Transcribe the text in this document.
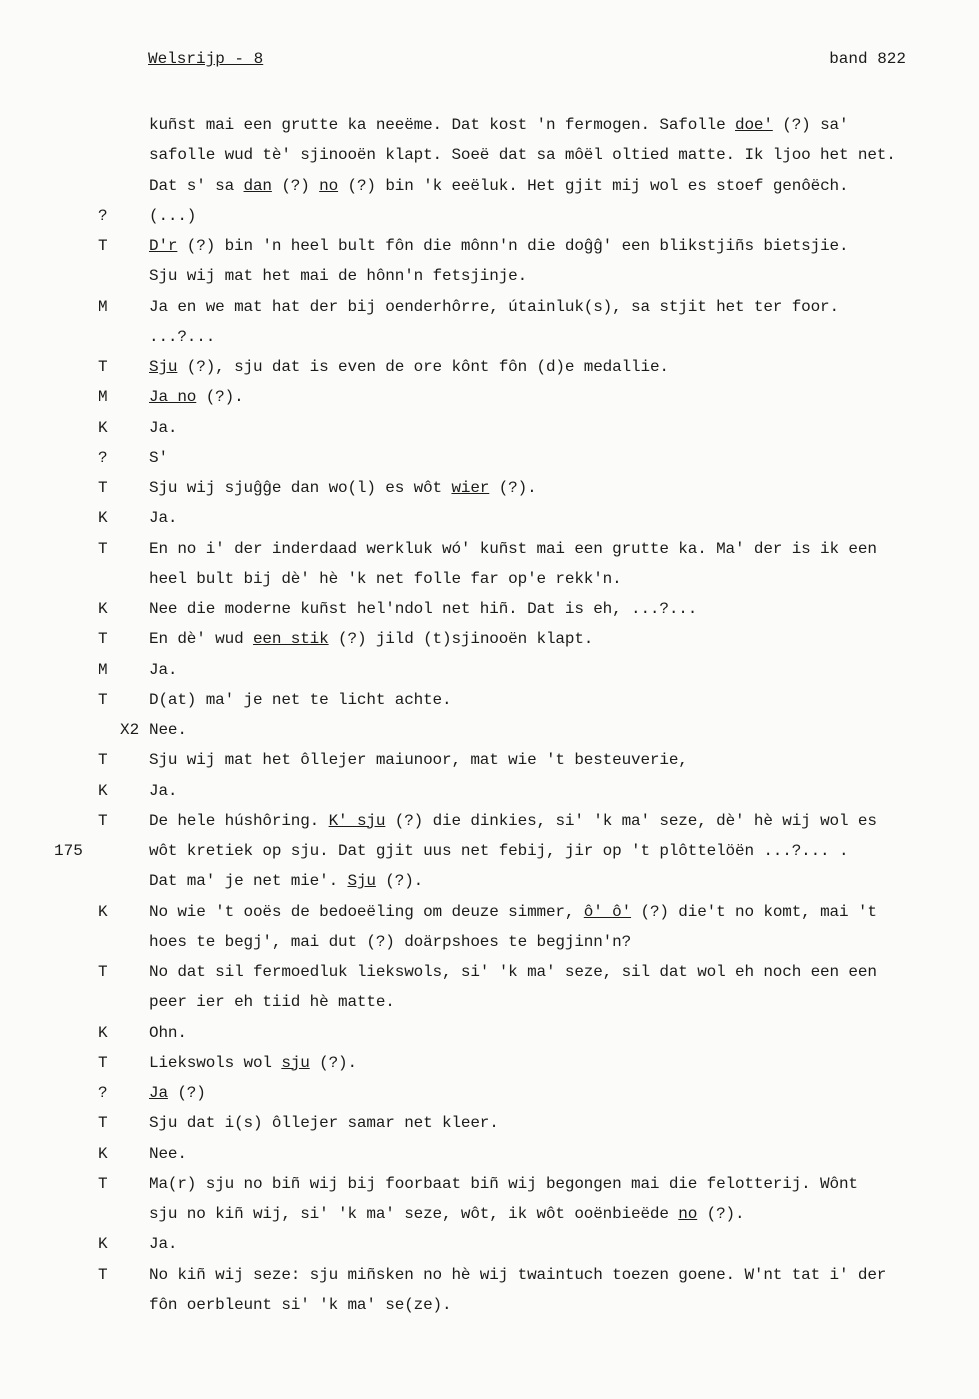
Welsrijp - 8	band 822
kuñst mai een grutte ka neeëme. Dat kost 'n fermogen. Safolle doe' (?) sa'
safolle wud tè' sjinooën klapt. Soeë dat sa môël oltied matte. Ik ljoo het net.
Dat s' sa dan (?) no (?) bin 'k eeëluk. Het gjit mij wol es stoef genôëch.
?	(...)
T	D'r (?) bin 'n heel bult fôn die mônn'n die doĝĝ' een blikstjiñs bietsjie.
Sju wij mat het mai de hônn'n fetsjinje.
M	Ja en we mat hat der bij oenderhôrre, útainluk(s), sa stjit het ter foor.
...?...
T	Sju (?), sju dat is even de ore kônt fôn (d)e medallie.
M	Ja no (?).
K	Ja.
?	S'
T	Sju wij sjuĝĝe dan wo(l) es wôt wier (?).
K	Ja.
T	En no i' der inderdaad werkluk wó' kuñst mai een grutte ka. Ma' der is ik een
heel bult bij dè' hè 'k net folle far op'e rekk'n.
K	Nee die moderne kuñst hel'ndol net hiñ. Dat is eh, ...?...
T	En dè' wud een stik (?) jild (t)sjinooën klapt.
M	Ja.
T	D(at) ma' je net te licht achte.
X2 Nee.
T	Sju wij mat het ôllejer maiunoor, mat wie 't besteuverie,
K	Ja.
T	De hele húshôring. K' sju (?) die dinkies, si' 'k ma' seze, dè' hè wij wol es
175	wôt kretiek op sju. Dat gjit uus net febij, jir op 't plôttelöën ...?... .
Dat ma' je net mie'. Sju (?).
K	No wie 't ooës de bedoeëling om deuze simmer, ô' ô' (?) die't no komt, mai 't
hoes te begj', mai dut (?) doärpshoes te begjinn'n?
T	No dat sil fermoedluk liekswols, si' 'k ma' seze, sil dat wol eh noch een een
peer ier eh tiid hè matte.
K	Ohn.
T	Liekswols wol sju (?).
?	Ja (?)
T	Sju dat i(s) ôllejer samar net kleer.
K	Nee.
T	Ma(r) sju no biñ wij bij foorbaat biñ wij begongen mai die felotterij. Wônt
sju no kiñ wij, si' 'k ma' seze, wôt, ik wôt ooënbieëde no (?).
K	Ja.
T	No kiñ wij seze: sju miñsken no hè wij twaintuch toezen goene. W'nt tat i' der
fôn oerbleunt si' 'k ma' se(ze).
